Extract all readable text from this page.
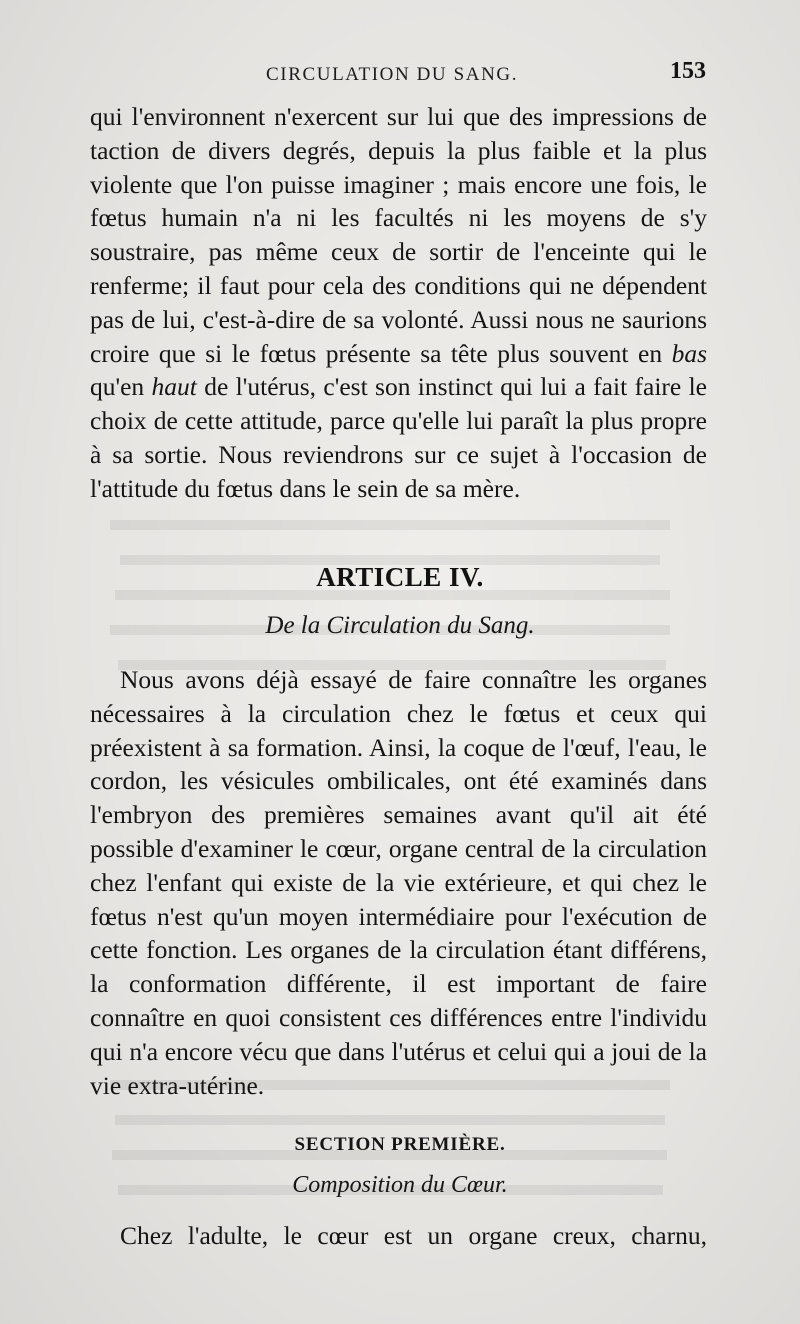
CIRCULATION DU SANG.	153

qui l'environnent n'exercent sur lui que des impressions de taction de divers degrés, depuis la plus faible et la plus violente que l'on puisse imaginer ; mais encore une fois, le fœtus humain n'a ni les facultés ni les moyens de s'y soustraire, pas même ceux de sortir de l'enceinte qui le renferme; il faut pour cela des conditions qui ne dépendent pas de lui, c'est-à-dire de sa volonté. Aussi nous ne saurions croire que si le fœtus présente sa tête plus souvent en bas qu'en haut de l'utérus, c'est son instinct qui lui a fait faire le choix de cette attitude, parce qu'elle lui paraît la plus propre à sa sortie. Nous reviendrons sur ce sujet à l'occasion de l'attitude du fœtus dans le sein de sa mère.

ARTICLE IV.
De la Circulation du Sang.

Nous avons déjà essayé de faire connaître les organes nécessaires à la circulation chez le fœtus et ceux qui préexistent à sa formation. Ainsi, la coque de l'œuf, l'eau, le cordon, les vésicules ombilicales, ont été examinés dans l'embryon des premières semaines avant qu'il ait été possible d'examiner le cœur, organe central de la circulation chez l'enfant qui existe de la vie extérieure, et qui chez le fœtus n'est qu'un moyen intermédiaire pour l'exécution de cette fonction. Les organes de la circulation étant différens, la conformation différente, il est important de faire connaître en quoi consistent ces différences entre l'individu qui n'a encore vécu que dans l'utérus et celui qui a joui de la vie extra-utérine.

SECTION PREMIÈRE.
Composition du Cœur.

Chez l'adulte, le cœur est un organe creux, charnu,
